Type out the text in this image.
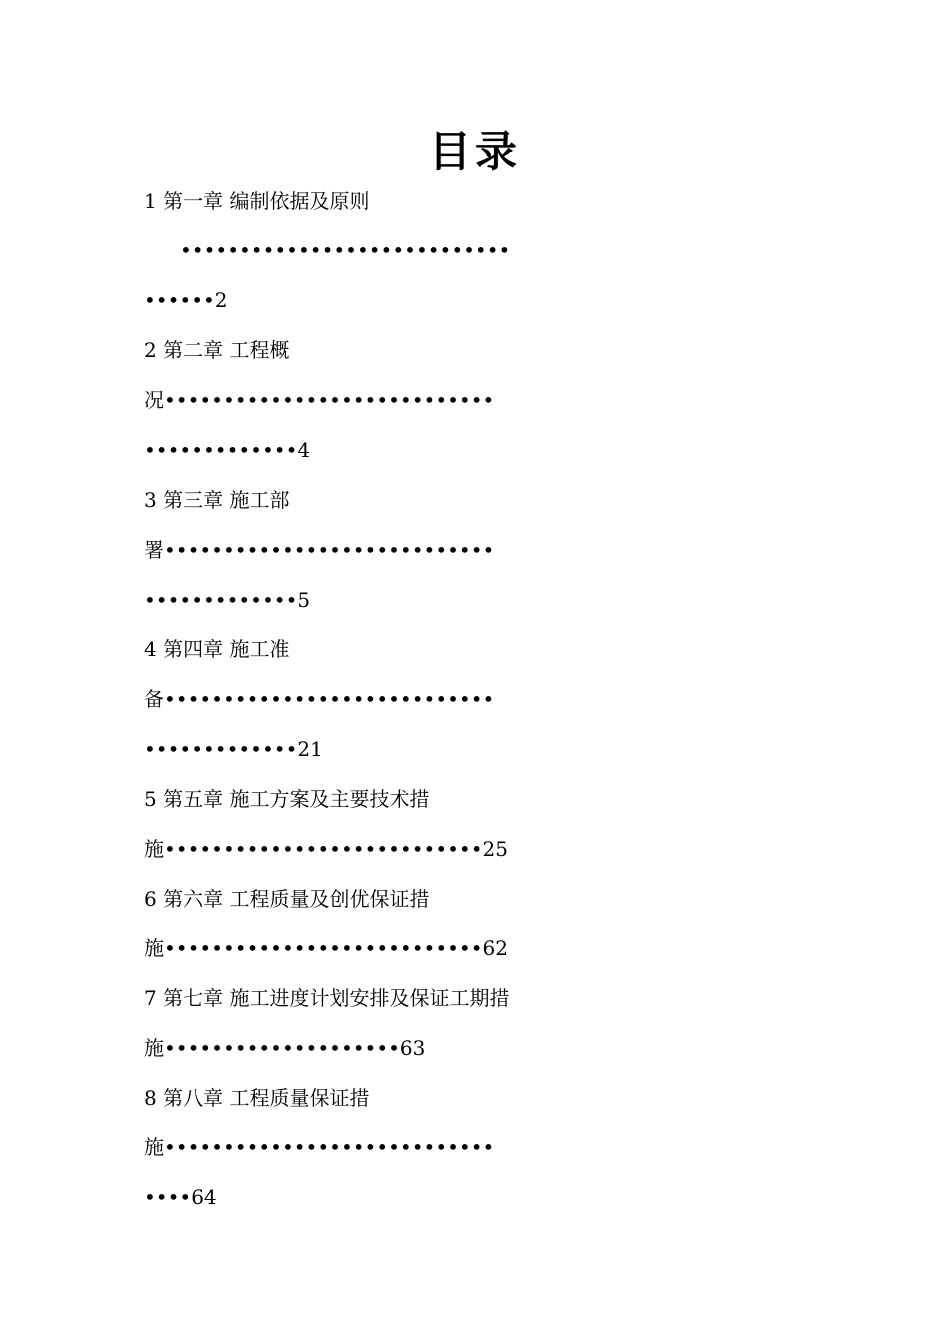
目录
1 第一章 编制依据及原则
••••••••••••••••••••••••••••
••••••2
2 第二章 工程概
况••••••••••••••••••••••••••••
•••••••••••••4
3 第三章 施工部
署••••••••••••••••••••••••••••
•••••••••••••5
4 第四章 施工准
备••••••••••••••••••••••••••••
•••••••••••••21
5 第五章 施工方案及主要技术措
施•••••••••••••••••••••••••••25
6 第六章 工程质量及创优保证措
施•••••••••••••••••••••••••••62
7 第七章 施工进度计划安排及保证工期措
施••••••••••••••••••••63
8 第八章 工程质量保证措
施••••••••••••••••••••••••••••
••••64
